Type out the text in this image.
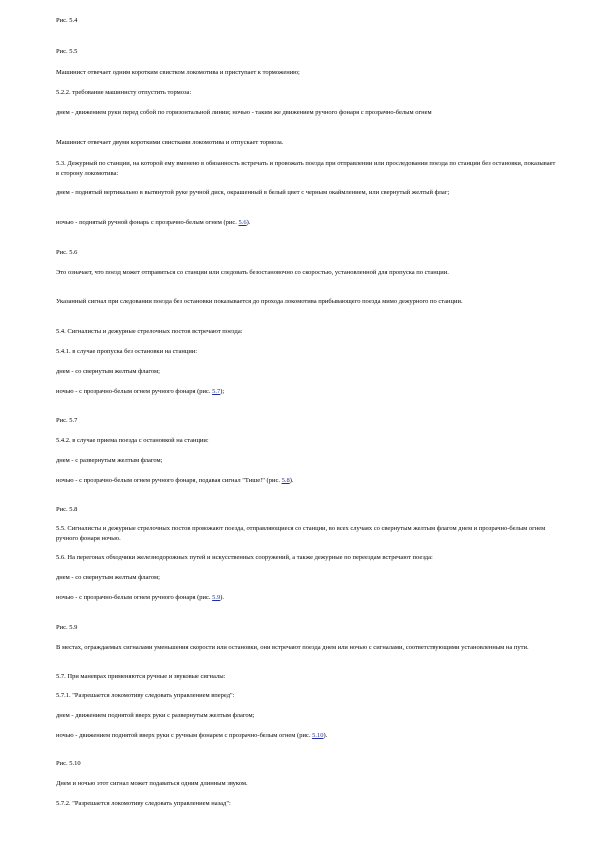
Рис. 5.4
Рис. 5.5
Машинист отвечает одним коротким свистком локомотива и приступает к торможению;
5.2.2. требование машинисту отпустить тормоза:
днем - движением руки перед собой по горизонтальной линии; ночью - таким же движением ручного фонаря с прозрачно-белым огнем
Машинист отвечает двумя короткими свистками локомотива и отпускает тормоза.
5.3. Дежурный по станции, на которой ему вменено в обязанность встречать и провожать поезда при отправлении или проследовании поезда по станции без остановки, показывает в сторону локомотива:
днем - поднятый вертикально в вытянутой руке ручной диск, окрашенный в белый цвет с черным окаймлением, или свернутый желтый флаг;
ночью - поднятый ручной фонарь с прозрачно-белым огнем (рис. 5.6).
Рис. 5.6
Это означает, что поезд может отправиться со станции или следовать безостановочно со скоростью, установленной для пропуска по станции.
Указанный сигнал при следовании поезда без остановки показывается до прохода локомотива прибывающего поезда мимо дежурного по станции.
5.4. Сигналисты и дежурные стрелочных постов встречают поезда:
5.4.1. в случае пропуска без остановки на станции:
днем - со свернутым желтым флагом;
ночью - с прозрачно-белым огнем ручного фонаря (рис. 5.7);
Рис. 5.7
5.4.2. в случае приема поезда с остановкой на станции:
днем - с развернутым желтым флагом;
ночью - с прозрачно-белым огнем ручного фонаря, подавая сигнал "Тише!" (рис. 5.8).
Рис. 5.8
5.5. Сигналисты и дежурные стрелочных постов провожают поезда, отправляющиеся со станции, во всех случаях со свернутым желтым флагом днем и прозрачно-белым огнем ручного фонаря ночью.
5.6. На перегонах обходчики железнодорожных путей и искусственных сооружений, а также дежурные по переездам встречают поезда:
днем - со свернутым желтым флагом;
ночью - с прозрачно-белым огнем ручного фонаря (рис. 5.9).
Рис. 5.9
В местах, ограждаемых сигналами уменьшения скорости или остановки, они встречают поезда днем или ночью с сигналами, соответствующими установленным на пути.
5.7. При маневрах применяются ручные и звуковые сигналы:
5.7.1. "Разрешается локомотиву следовать управлением вперед":
днем - движением поднятой вверх руки с развернутым желтым флагом;
ночью - движением поднятой вверх руки с ручным фонарем с прозрачно-белым огнем (рис. 5.10).
Рис. 5.10
Днем и ночью этот сигнал может подаваться одним длинным звуком.
5.7.2. "Разрешается локомотиву следовать управлением назад":
